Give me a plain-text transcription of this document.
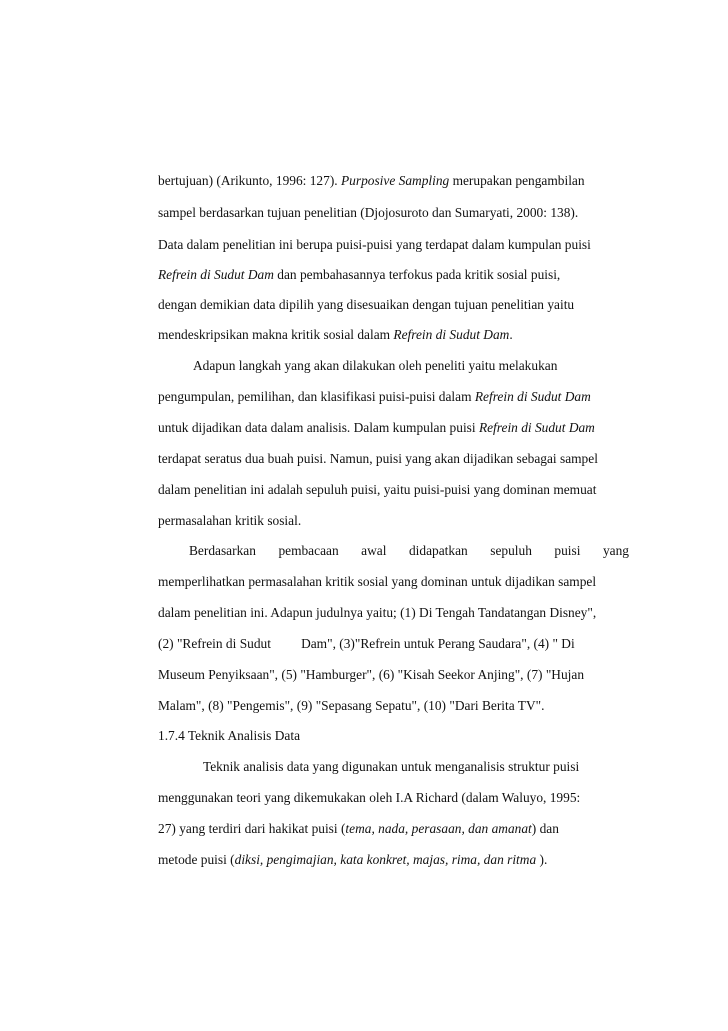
bertujuan) (Arikunto, 1996: 127). Purposive Sampling merupakan pengambilan
sampel berdasarkan tujuan penelitian (Djojosuroto dan Sumaryati, 2000: 138).
Data dalam penelitian ini berupa puisi-puisi yang terdapat dalam kumpulan puisi
Refrein di Sudut Dam dan pembahasannya terfokus pada kritik sosial puisi,
dengan demikian data dipilih yang disesuaikan dengan tujuan penelitian yaitu
mendeskripsikan makna kritik sosial dalam Refrein di Sudut Dam.
Adapun langkah yang akan dilakukan oleh peneliti yaitu melakukan
pengumpulan, pemilihan, dan klasifikasi puisi-puisi dalam Refrein di Sudut Dam
untuk dijadikan data dalam analisis. Dalam kumpulan puisi Refrein di Sudut Dam
terdapat seratus dua buah puisi. Namun, puisi yang akan dijadikan sebagai sampel
dalam penelitian ini adalah sepuluh puisi, yaitu puisi-puisi yang dominan memuat
permasalahan kritik sosial.
Berdasarkan pembacaan awal didapatkan sepuluh puisi yang
memperlihatkan permasalahan kritik sosial yang dominan untuk dijadikan sampel
dalam penelitian ini. Adapun judulnya yaitu; (1) Di Tengah Tandatangan Disney",
(2) "Refrein di Sudut         Dam", (3)"Refrein untuk Perang Saudara", (4) " Di
Museum Penyiksaan", (5) "Hamburger", (6) "Kisah Seekor Anjing", (7) "Hujan
Malam", (8) "Pengemis", (9) "Sepasang Sepatu", (10) "Dari Berita TV".
1.7.4 Teknik Analisis Data
Teknik analisis data yang digunakan untuk menganalisis struktur puisi
menggunakan teori yang dikemukakan oleh I.A Richard (dalam Waluyo, 1995:
27) yang terdiri dari hakikat puisi (tema, nada, perasaan, dan amanat) dan
metode puisi (diksi, pengimajian, kata konkret, majas, rima, dan ritma ).
